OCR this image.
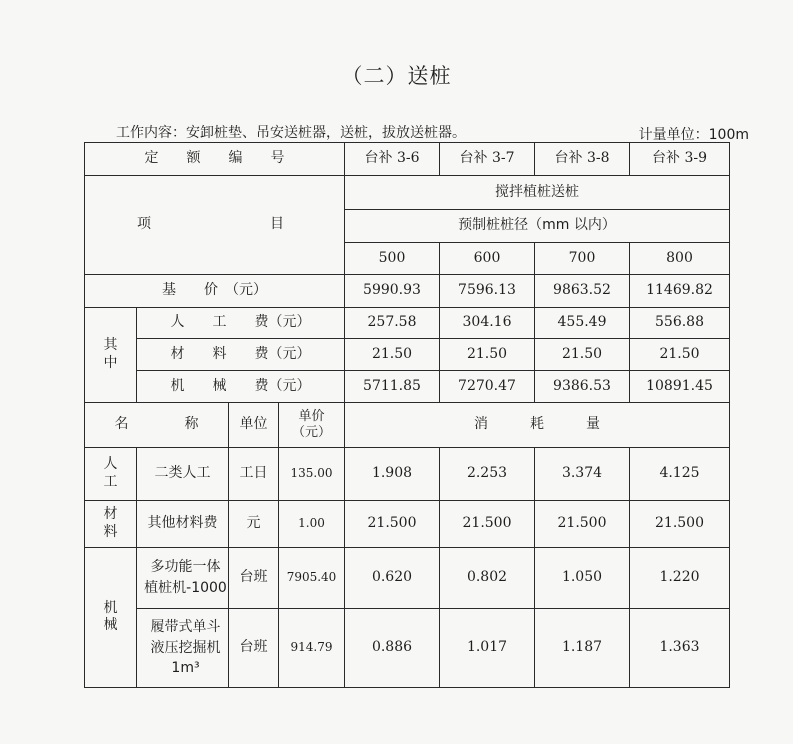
（二）送桩
工作内容：安卸桩垫、吊安送桩器，送桩，拔放送桩器。	计量单位：100m
定　　额　　编　　号				台补 3-6	台补 3-7	台补 3-8	台补 3-9

项 目				搅拌植桩送桩			
				预制桩桩径（mm 以内）			
				500	600	700	800
基　　价　（元）				5990.93	7596.13	9863.52	11469.82
其
中	人　　工　　费（元）			257.58	304.16	455.49	556.88
	材　　料　　费（元）			21.50	21.50	21.50	21.50
	机　　械　　费（元）			5711.85	7270.47	9386.53	10891.45
名　　　　称		单位	单价
（元）	消　　　耗　　　量			
人
工	二类人工	工日	135.00	1.908	2.253	3.374	4.125
材
料	其他材料费	元	1.00	21.500	21.500	21.500	21.500
机
械	多功能一体
植桩机-1000	台班	7905.40	0.620	0.802	1.050	1.220
	履带式单斗
液压挖掘机
1m³	台班	914.79	0.886	1.017	1.187	1.363
